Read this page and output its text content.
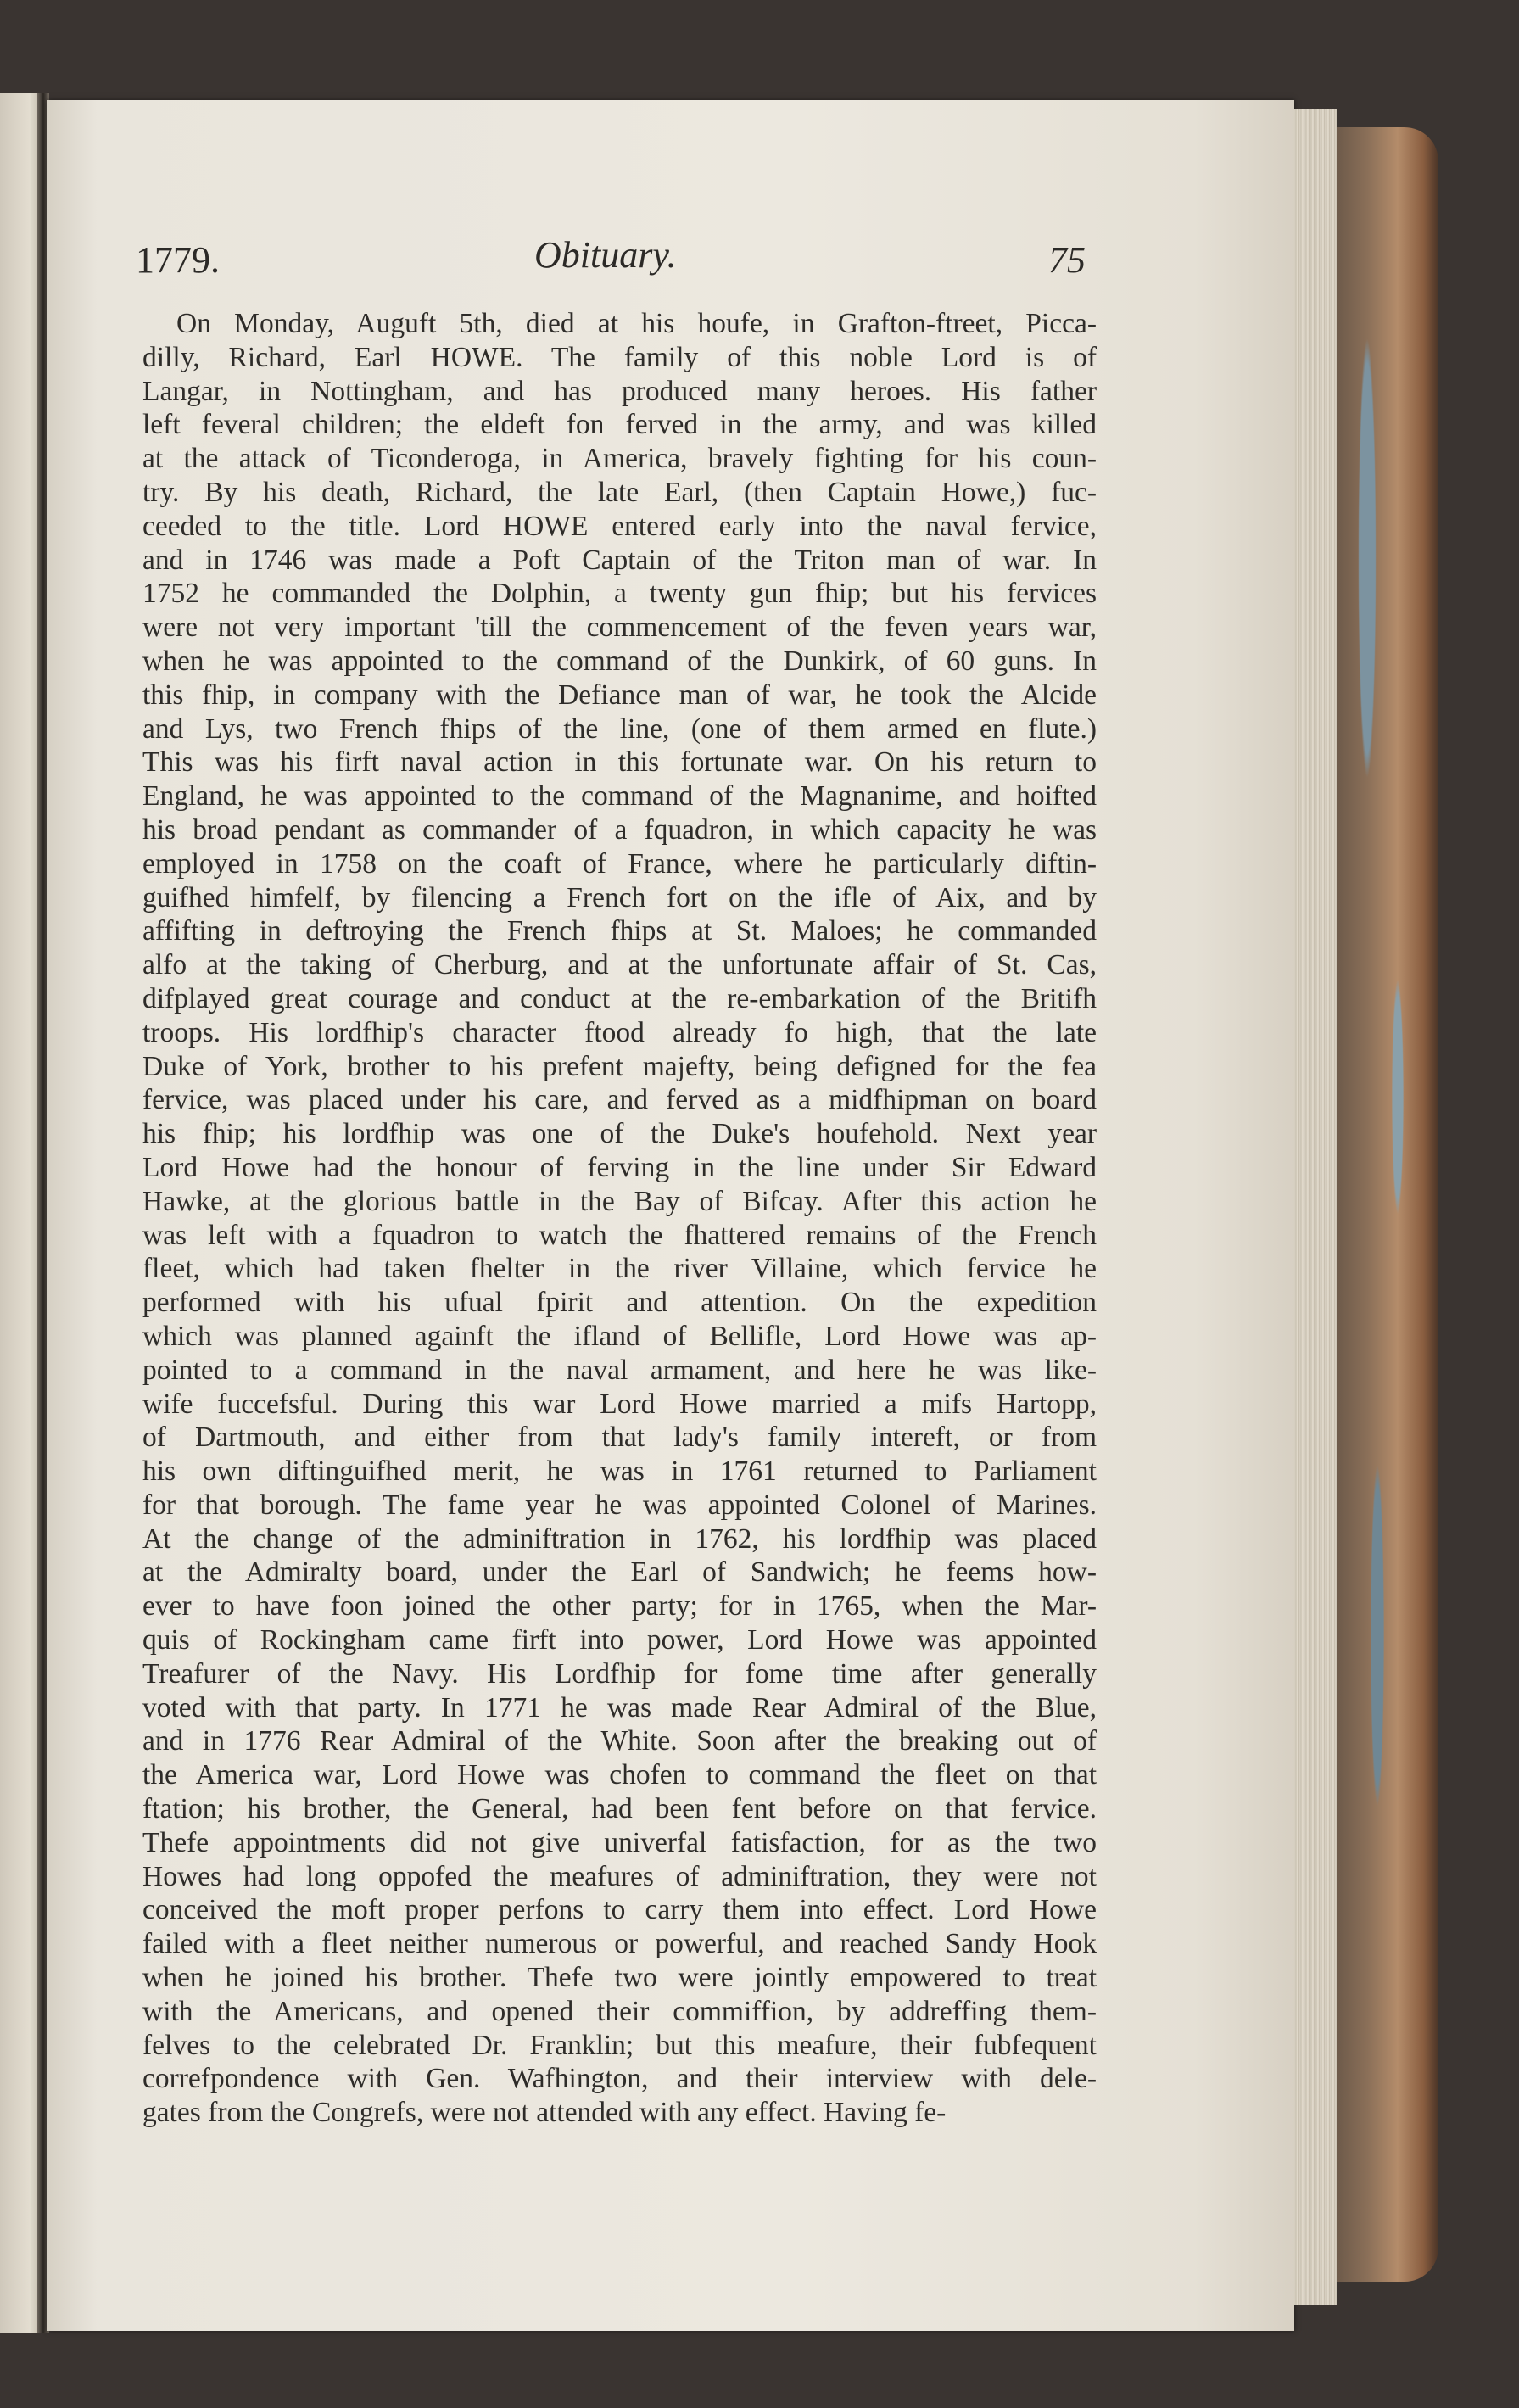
1779.	Obituary.	75
On Monday, Auguft 5th, died at his houfe, in Grafton-ftreet, Picca-
dilly, Richard, Earl HOWE. The family of this noble Lord is of
Langar, in Nottingham, and has produced many heroes. His father
left feveral children; the eldeft fon ferved in the army, and was killed
at the attack of Ticonderoga, in America, bravely fighting for his coun-
try. By his death, Richard, the late Earl, (then Captain Howe,) fuc-
ceeded to the title. Lord HOWE entered early into the naval fervice,
and in 1746 was made a Poft Captain of the Triton man of war. In
1752 he commanded the Dolphin, a twenty gun fhip; but his fervices
were not very important 'till the commencement of the feven years war,
when he was appointed to the command of the Dunkirk, of 60 guns. In
this fhip, in company with the Defiance man of war, he took the Alcide
and Lys, two French fhips of the line, (one of them armed en flute.)
This was his firft naval action in this fortunate war. On his return to
England, he was appointed to the command of the Magnanime, and hoifted
his broad pendant as commander of a fquadron, in which capacity he was
employed in 1758 on the coaft of France, where he particularly diftin-
guifhed himfelf, by filencing a French fort on the ifle of Aix, and by
affifting in deftroying the French fhips at St. Maloes; he commanded
alfo at the taking of Cherburg, and at the unfortunate affair of St. Cas,
difplayed great courage and conduct at the re-embarkation of the Britifh
troops. His lordfhip's character ftood already fo high, that the late
Duke of York, brother to his prefent majefty, being defigned for the fea
fervice, was placed under his care, and ferved as a midfhipman on board
his fhip; his lordfhip was one of the Duke's houfehold. Next year
Lord Howe had the honour of ferving in the line under Sir Edward
Hawke, at the glorious battle in the Bay of Bifcay. After this action he
was left with a fquadron to watch the fhattered remains of the French
fleet, which had taken fhelter in the river Villaine, which fervice he
performed with his ufual fpirit and attention. On the expedition
which was planned againft the ifland of Bellifle, Lord Howe was ap-
pointed to a command in the naval armament, and here he was like-
wife fuccefsful. During this war Lord Howe married a mifs Hartopp,
of Dartmouth, and either from that lady's family intereft, or from
his own diftinguifhed merit, he was in 1761 returned to Parliament
for that borough. The fame year he was appointed Colonel of Marines.
At the change of the adminiftration in 1762, his lordfhip was placed
at the Admiralty board, under the Earl of Sandwich; he feems how-
ever to have foon joined the other party; for in 1765, when the Mar-
quis of Rockingham came firft into power, Lord Howe was appointed
Treafurer of the Navy. His Lordfhip for fome time after generally
voted with that party. In 1771 he was made Rear Admiral of the Blue,
and in 1776 Rear Admiral of the White. Soon after the breaking out of
the America war, Lord Howe was chofen to command the fleet on that
ftation; his brother, the General, had been fent before on that fervice.
Thefe appointments did not give univerfal fatisfaction, for as the two
Howes had long oppofed the meafures of adminiftration, they were not
conceived the moft proper perfons to carry them into effect. Lord Howe
failed with a fleet neither numerous or powerful, and reached Sandy Hook
when he joined his brother. Thefe two were jointly empowered to treat
with the Americans, and opened their commiffion, by addreffing them-
felves to the celebrated Dr. Franklin; but this meafure, their fubfequent
correfpondence with Gen. Wafhington, and their interview with dele-
gates from the Congrefs, were not attended with any effect. Having fe-
